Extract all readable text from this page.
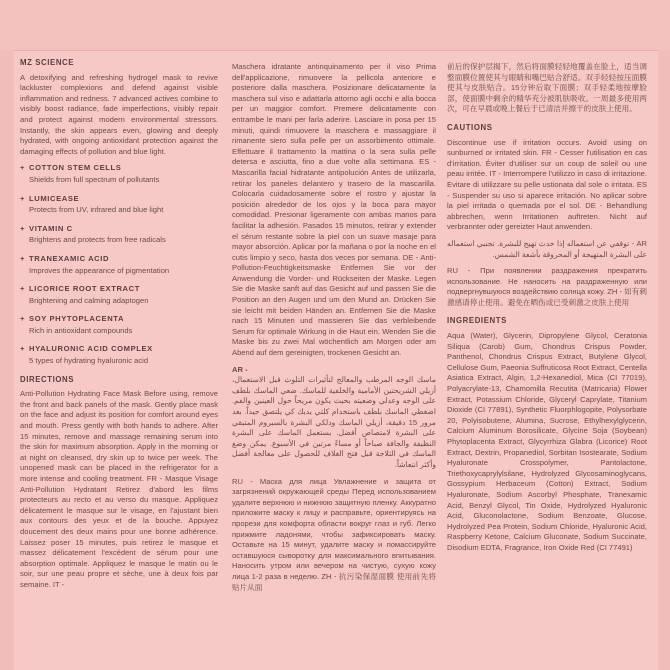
MZ SCIENCE

A detoxifying and refreshing hydrogel mask to revive lackluster complexions and defend against visible inflammation and redness. 7 advanced actives combine to visibly boost radiance, fade imperfections, visibly repair and protect against modern environmental stressors. Instantly, the skin appears even, glowing and deeply hydrated, with ongoing antioxidant protection against the damaging effects of pollution and blue light.

+ COTTON STEM CELLS
Shields from full spectrum of pollutants
+ LUMICEASE
Protects from UV, infrared and blue light
+ VITAMIN C
Brightens and protects from free radicals
+ TRANEXAMIC ACID
Improves the appearance of pigmentation
+ LICORICE ROOT EXTRACT
Brightening and calming adaptogen
+ SOY PHYTOPLACENTA
Rich in antioxidant compounds
+ HYALURONIC ACID COMPLEX
5 types of hydrating hyaluronic acid
DIRECTIONS

Anti-Pollution Hydrating Face Mask Before using, remove the front and back panels of the mask. Gently place mask on the face and adjust its position for comfort around eyes and mouth. Press gently with both hands to adhere. After 15 minutes, remove and massage remaining serum into the skin for maximum absorption. Apply in the morning or at night on cleansed, dry skin up to twice per week. The unopened mask can be placed in the refrigerator for a more intense and cooling treatment. FR - Masque Visage Anti-Pollution Hydratant Retirez d'abord les films protecteurs au recto et au verso du masque. Appliquez délicatement le masque sur le visage, en l'ajustant bien aux contours des yeux et de la bouche. Appuyez doucement des deux mains pour une bonne adhérence. Laissez poser 15 minutes, puis retirez le masque et massez délicatement l'excédent de sérum pour une absorption optimale. Appliquez le masque le matin ou le soir, sur une peau propre et sèche, une à deux fois par semaine. IT -

Maschera idratante antinquinamento per il viso Prima dell'applicazione, rimuovere la pellicola anteriore e posteriore dalla maschera. Posizionare delicatamente la maschera sul viso e adattarla attorno agli occhi e alla bocca per un maggior comfort. Premere delicatamente con entrambe le mani per farla aderire. Lasciare in posa per 15 minuti, quindi rimuovere la maschera e massaggiare il rimanente siero sulla pelle per un assorbimento ottimale. Effettuare il trattamento la mattina o la sera sulla pelle detersa e asciutta, fino a due volte alla settimana. ES - Mascarilla facial hidratante antipolución Antes de utilizarla, retirar los paneles delantero y trasero de la mascarilla. Colocarla cuidadosamente sobre el rostro y ajustar la posición alrededor de los ojos y la boca para mayor comodidad. Presionar ligeramente con ambas manos para facilitar la adhesión. Pasados 15 minutos, retirar y extender el sérum restante sobre la piel con un suave masaje para mayor absorción. Aplicar por la mañana o por la noche en el cutis limpio y seco, hasta dos veces por semana. DE - Anti-Pollution-Feuchtigkeitsmaske Entfernen Sie vor der Anwendung die Vorder- und Rückseiten der Maske. Legen Sie die Maske sanft auf das Gesicht auf und passen Sie die Position an den Augen und um den Mund an. Drücken Sie sie leicht mit beiden Händen an. Entfernen Sie die Maske nach 15 Minuten und massieren Sie das verbleibende Serum für optimale Wirkung in die Haut ein. Wenden Sie die Maske bis zu zwei Mal wöchentlich am Morgen oder am Abend auf dem gereinigten, trockenen Gesicht an.

AR -

ماسك الوجه المرطب والمعالج لتأثيرات التلوث قبل الاستعمال، أزيلي الشريحتين الأمامية والخلفية للماسك. ضعي الماسك بلطف على الوجه وعدلي وضعيته بحيث يكون مريحاً حول العينين والفم. اضغطي الماسك بلطف باستخدام كلتي يديك كي يلتصق جيداً. بعد مرور 15 دقيقة، أزيلي الماسك ودلكي البشرة بالسيروم المتبقي على البشرة لامتصاص أفضل. يستعمل الماسك على البشرة النظيفة والجافة صباحاً أو مساءً مرتين في الأسبوع. يمكن وضع الماسك في الثلاجة قبل فتح الغلاف للحصول على معالجة أفضل وأكثر انتعاشاً.

RU - Маска для лица Увлажнение и защита от загрязнений окружающей среды Перед использованием удалите верхнюю и нижнюю защитную пленку. Аккуратно приложите маску к лицу и расправьте, ориентируясь на прорези для комфорта области вокруг глаз и губ. Легко прижмите ладонями, чтобы зафиксировать маску. Оставьте на 15 минут, удалите маску и помассируйте оставшуюся сыворотку для максимального впитывания. Наносить утром или вечером на чистую, сухую кожу лица 1-2 раза в неделю. ZH - 抗污染保湿面膜 使用前先将贴片从面

前后的保护层揭下，然后将面膜轻轻地覆盖在脸上，适当调整面膜位置使其与眼睛和嘴巴贴合舒适。双手轻轻按压面膜使其与皮肤贴合。15分钟后取下面膜；双手轻柔地按摩脸部，使面膜中剩余的精华充分被肌肤吸收。一周最多使用两次，可在早晨或晚上餐后于已清洁并擦干的皮肤上使用。

CAUTIONS

Discontinue use if irritation occurs. Avoid using on sunburned or irritated skin. FR - Cesser l'utilisation en cas d'irritation. Éviter d'utiliser sur un coup de soleil ou une peau irritée. IT - Interrompere l'utilizzo in caso di irritazione. Evitare di utilizzare su pelle ustionata dal sole o irritata. ES - Suspender su uso si aparece irritación. No aplicar sobre la piel irritada o quemada por el sol. DE - Behandlung abbrechen, wenn Irritationen auftreten. Nicht auf verbrannter oder gereizter Haut anwenden.

AR - توقفي عن استعماله إذا حدث تهيج للبشرة. تجنبي استعماله على البشرة المتهيجة أو المحروقة بأشعة الشمس.

RU - При появлении раздражения прекратить использование. Не наносить на раздраженную или подвергнувшуюся воздействию солнца кожу. ZH - 如有刺激感请停止使用。避免在晒伤或已受刺激之皮肤上使用

INGREDIENTS

Aqua (Water), Glycerin, Dipropylene Glycol, Ceratonia Siliqua (Carob) Gum, Chondrus Crispus Powder, Panthenol, Chondrus Crispus Extract, Butylene Glycol, Cellulose Gum, Paeonia Suffruticosa Root Extract, Centella Asiatica Extract, Algin, 1,2-Hexanediol, Mica (CI 77019), Polyacrylate-13, Chamomilla Recutita (Matricaria) Flower Extract, Potassium Chloride, Glyceryl Caprylate, Titanium Dioxide (CI 77891), Synthetic Fluorphlogopite, Polysorbate 20, Polyisobutene, Alumina, Sucrose, Ethylhexylglycerin, Calcium Aluminum Borosilicate, Glycine Soja (Soybean) Phytoplacenta Extract, Glycyrrhiza Glabra (Licorice) Root Extract, Dextrin, Propanediol, Sorbitan Isostearate, Sodium Hyaluronate Crosspolymer, Pantolactone, Triethoxycaprylylsilane, Hydrolyzed Glycosaminoglycans, Gossypium Herbaceum (Cotton) Extract, Sodium Hyaluronate, Sodium Ascorbyl Phosphate, Tranexamic Acid, Benzyl Glycol, Tin Oxide, Hydrolyzed Hyaluronic Acid, Gluconolactone, Sodium Benzoate, Glucose, Hydrolyzed Pea Protein, Sodium Chloride, Hyaluronic Acid, Raspberry Ketone, Calcium Gluconate, Sodium Succinate, Disodium EDTA, Fragrance, Iron Oxide Red (CI 77491)
